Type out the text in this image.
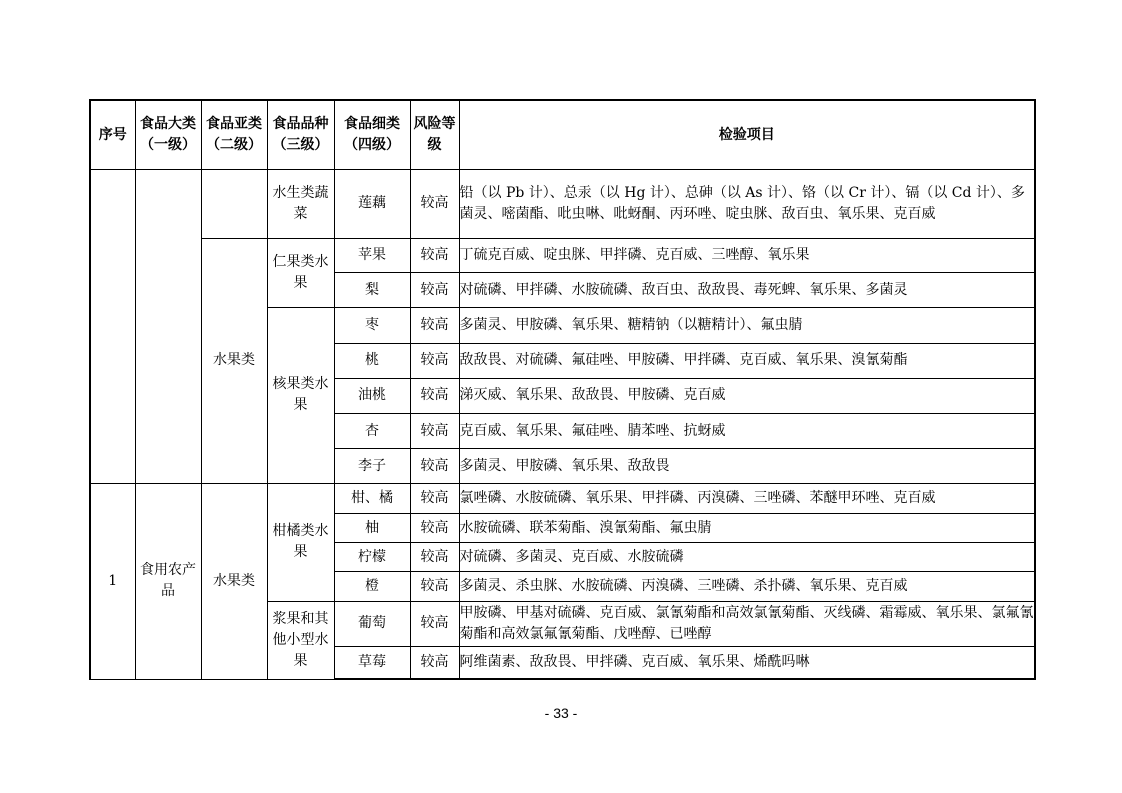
序号	食品大类（一级）	食品亚类（二级）	食品品种（三级）	食品细类（四级）	风险等级	检验项目
			水生类蔬菜	莲藕	较高	铅（以 Pb 计）、总汞（以 Hg 计）、总砷（以 As 计）、铬（以 Cr 计）、镉（以 Cd 计）、多菌灵、嘧菌酯、吡虫啉、吡蚜酮、丙环唑、啶虫脒、敌百虫、氧乐果、克百威
		水果类	仁果类水果	苹果	较高	丁硫克百威、啶虫脒、甲拌磷、克百威、三唑醇、氧乐果
				梨	较高	对硫磷、甲拌磷、水胺硫磷、敌百虫、敌敌畏、毒死蜱、氧乐果、多菌灵
			核果类水果	枣	较高	多菌灵、甲胺磷、氧乐果、糖精钠（以糖精计）、氟虫腈
				桃	较高	敌敌畏、对硫磷、氟硅唑、甲胺磷、甲拌磷、克百威、氧乐果、溴氰菊酯
				油桃	较高	涕灭威、氧乐果、敌敌畏、甲胺磷、克百威
				杏	较高	克百威、氧乐果、氟硅唑、腈苯唑、抗蚜威
				李子	较高	多菌灵、甲胺磷、氧乐果、敌敌畏
1	食用农产品	水果类	柑橘类水果	柑、橘	较高	氯唑磷、水胺硫磷、氧乐果、甲拌磷、丙溴磷、三唑磷、苯醚甲环唑、克百威
				柚	较高	水胺硫磷、联苯菊酯、溴氰菊酯、氟虫腈
				柠檬	较高	对硫磷、多菌灵、克百威、水胺硫磷
				橙	较高	多菌灵、杀虫脒、水胺硫磷、丙溴磷、三唑磷、杀扑磷、氧乐果、克百威
			浆果和其他小型水果	葡萄	较高	甲胺磷、甲基对硫磷、克百威、氯氰菊酯和高效氯氰菊酯、灭线磷、霜霉威、氧乐果、氯氟氰菊酯和高效氯氟氰菊酯、戊唑醇、已唑醇
				草莓	较高	阿维菌素、敌敌畏、甲拌磷、克百威、氧乐果、烯酰吗啉
- 33 -
